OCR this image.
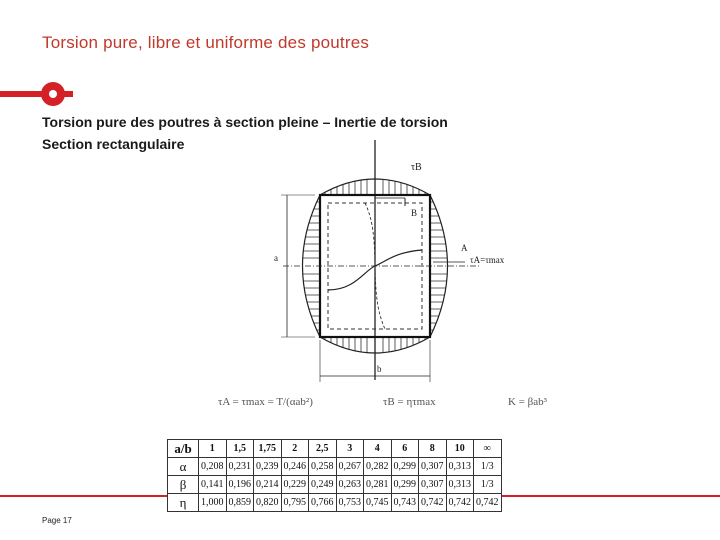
Torsion pure, libre et uniforme des poutres
Torsion pure des poutres à section pleine – Inertie de torsion
Section rectangulaire
τB
B
A
τA=τmax
a
b
τA = τmax = T/(αab²)	τB = ητmax	K = βab³
a/b	1	1,5	1,75	2	2,5	3	4	6	8	10	∞
α	0,208	0,231	0,239	0,246	0,258	0,267	0,282	0,299	0,307	0,313	1/3
β	0,141	0,196	0,214	0,229	0,249	0,263	0,281	0,299	0,307	0,313	1/3
η	1,000	0,859	0,820	0,795	0,766	0,753	0,745	0,743	0,742	0,742	0,742
Page 17
